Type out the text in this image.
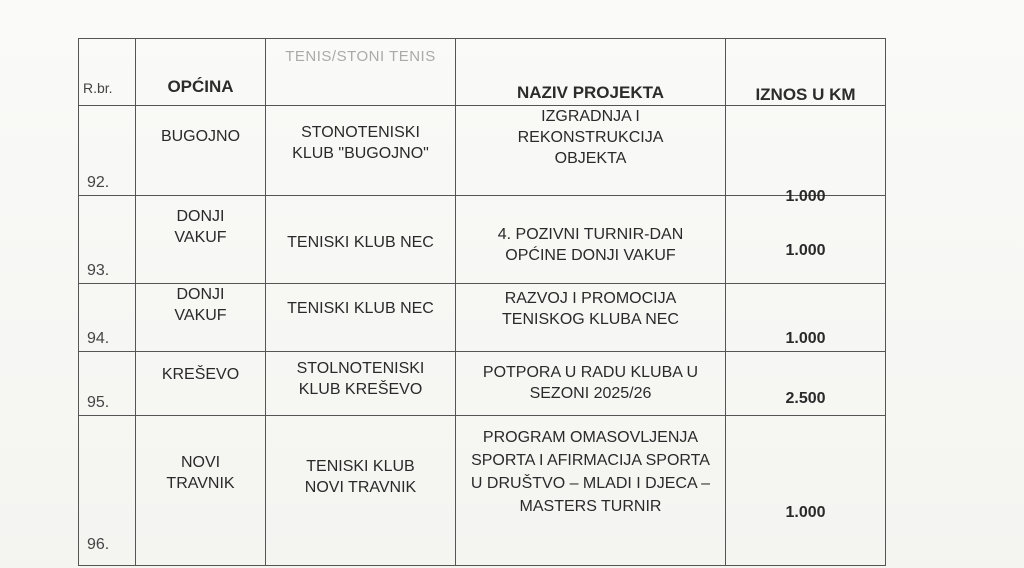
R.br.	OPĆINA	TENIS/STONI TENIS	NAZIV PROJEKTA	IZNOS U KM

92.	BUGOJNO	STONOTENISKI KLUB "BUGOJNO"	IZGRADNJA I REKONSTRUKCIJA OBJEKTA	1.000

93.	DONJI VAKUF	TENISKI KLUB NEC	4. POZIVNI TURNIR-DAN OPĆINE DONJI VAKUF	1.000

94.	DONJI VAKUF	TENISKI KLUB NEC	RAZVOJ I PROMOCIJA TENISKOG KLUBA NEC	1.000

95.	KREŠEVO	STOLNOTENISKI KLUB KREŠEVO	POTPORA U RADU KLUBA U SEZONI 2025/26	2.500

96.	NOVI TRAVNIK	TENISKI KLUB NOVI TRAVNIK	PROGRAM OMASOVLJENJA SPORTA I AFIRMACIJA SPORTA U DRUŠTVO – MLADI I DJECA – MASTERS TURNIR	1.000
